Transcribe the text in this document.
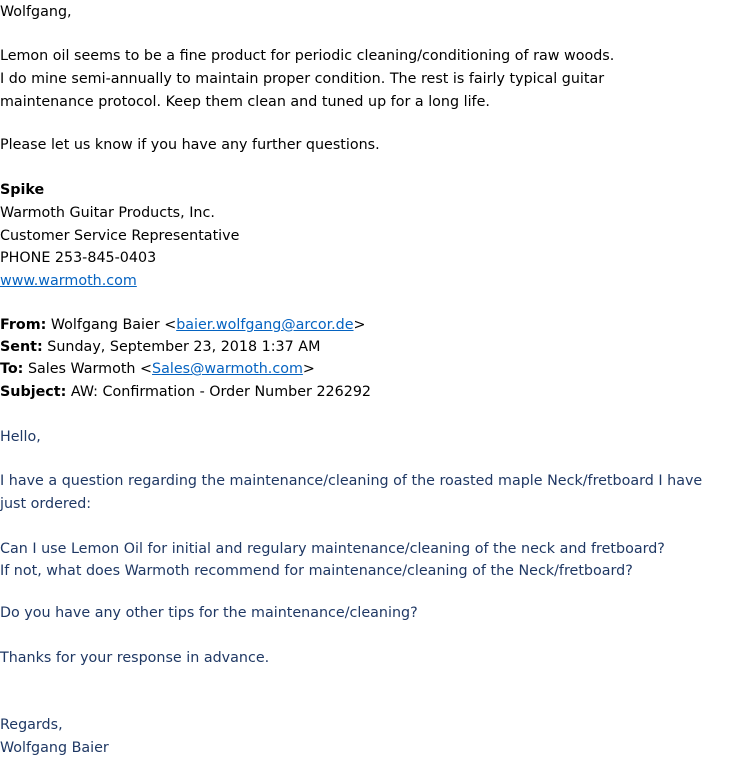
Wolfgang,
Lemon oil seems to be a fine product for periodic cleaning/conditioning of raw woods.
I do mine semi-annually to maintain proper condition. The rest is fairly typical guitar
maintenance protocol. Keep them clean and tuned up for a long life.
Please let us know if you have any further questions.
Spike
Warmoth Guitar Products, Inc.
Customer Service Representative
PHONE 253-845-0403
www.warmoth.com
From: Wolfgang Baier <baier.wolfgang@arcor.de>
Sent: Sunday, September 23, 2018 1:37 AM
To: Sales Warmoth <Sales@warmoth.com>
Subject: AW: Confirmation - Order Number 226292
Hello,
I have a question regarding the maintenance/cleaning of the roasted maple Neck/fretboard I have
just ordered:
Can I use Lemon Oil for initial and regulary maintenance/cleaning of the neck and fretboard?
If not, what does Warmoth recommend for maintenance/cleaning of the Neck/fretboard?
Do you have any other tips for the maintenance/cleaning?
Thanks for your response in advance.
Regards,
Wolfgang Baier
